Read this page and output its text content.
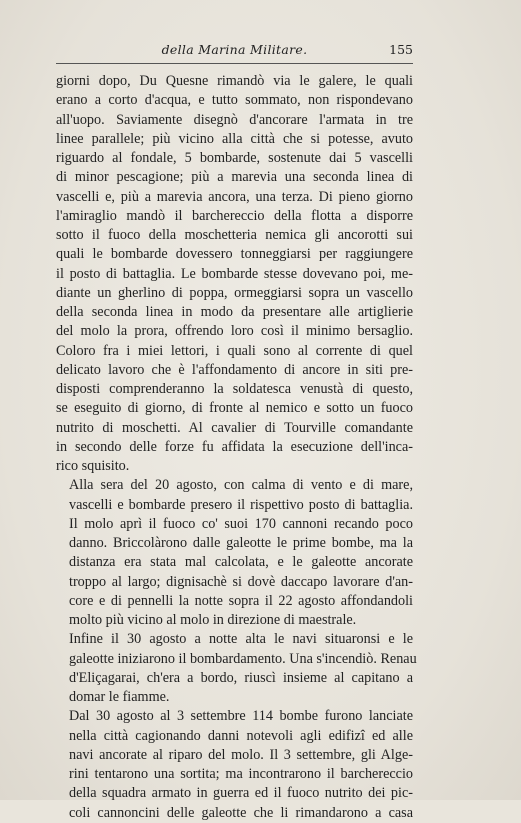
della Marina Militare.	155

giorni dopo, Du Quesne rimandò via le galere, le quali
erano a corto d'acqua, e tutto sommato, non rispondevano
all'uopo. Saviamente disegnò d'ancorare l'armata in tre
linee parallele; più vicino alla città che si potesse, avuto
riguardo al fondale, 5 bombarde, sostenute dai 5 vascelli
di minor pescagione; più a marevia una seconda linea di
vascelli e, più a marevia ancora, una terza. Di pieno giorno
l'amiraglio mandò il barchereccio della flotta a disporre
sotto il fuoco della moschetteria nemica gli ancorotti sui
quali le bombarde dovessero tonneggiarsi per raggiungere
il posto di battaglia. Le bombarde stesse dovevano poi, me-
diante un gherlino di poppa, ormeggiarsi sopra un vascello
della seconda linea in modo da presentare alle artiglierie
del molo la prora, offrendo loro così il minimo bersaglio.
Coloro fra i miei lettori, i quali sono al corrente di quel
delicato lavoro che è l'affondamento di ancore in siti pre-
disposti comprenderanno la soldatesca venustà di questo,
se eseguito di giorno, di fronte al nemico e sotto un fuoco
nutrito di moschetti. Al cavalier di Tourville comandante
in secondo delle forze fu affidata la esecuzione dell'inca-
rico squisito.

Alla sera del 20 agosto, con calma di vento e di mare,
vascelli e bombarde presero il rispettivo posto di battaglia.
Il molo aprì il fuoco co' suoi 170 cannoni recando poco
danno. Briccolàrono dalle galeotte le prime bombe, ma la
distanza era stata mal calcolata, e le galeotte ancorate
troppo al largo; dignisachè si dovè daccapo lavorare d'an-
core e di pennelli la notte sopra il 22 agosto affondandoli
molto più vicino al molo in direzione di maestrale.

Infine il 30 agosto a notte alta le navi situaronsi e le
galeotte iniziarono il bombardamento. Una s'incendiò. Renau
d'Eliçagarai, ch'era a bordo, riuscì insieme al capitano a
domar le fiamme.

Dal 30 agosto al 3 settembre 114 bombe furono lanciate
nella città cagionando danni notevoli agli edifizî ed alle
navi ancorate al riparo del molo. Il 3 settembre, gli Alge-
rini tentarono una sortita; ma incontrarono il barchereccio
della squadra armato in guerra ed il fuoco nutrito dei pic-
coli cannoncini delle galeotte che li rimandarono a casa
